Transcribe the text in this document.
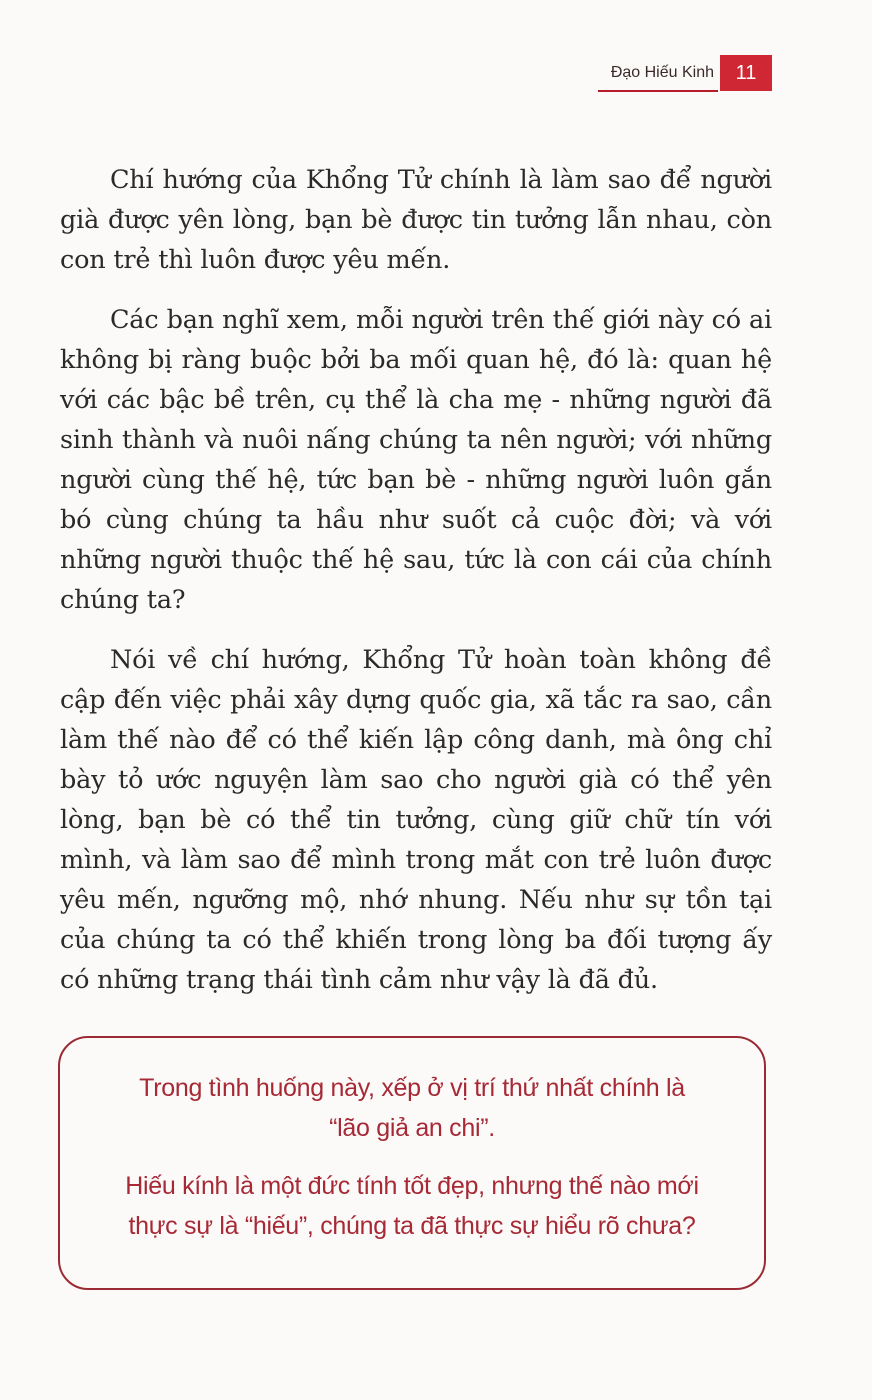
Đạo Hiếu Kinh	11

Chí hướng của Khổng Tử chính là làm sao để người già được yên lòng, bạn bè được tin tưởng lẫn nhau, còn con trẻ thì luôn được yêu mến.

Các bạn nghĩ xem, mỗi người trên thế giới này có ai không bị ràng buộc bởi ba mối quan hệ, đó là: quan hệ với các bậc bề trên, cụ thể là cha mẹ - những người đã sinh thành và nuôi nấng chúng ta nên người; với những người cùng thế hệ, tức bạn bè - những người luôn gắn bó cùng chúng ta hầu như suốt cả cuộc đời; và với những người thuộc thế hệ sau, tức là con cái của chính chúng ta?

Nói về chí hướng, Khổng Tử hoàn toàn không đề cập đến việc phải xây dựng quốc gia, xã tắc ra sao, cần làm thế nào để có thể kiến lập công danh, mà ông chỉ bày tỏ ước nguyện làm sao cho người già có thể yên lòng, bạn bè có thể tin tưởng, cùng giữ chữ tín với mình, và làm sao để mình trong mắt con trẻ luôn được yêu mến, ngưỡng mộ, nhớ nhung. Nếu như sự tồn tại của chúng ta có thể khiến trong lòng ba đối tượng ấy có những trạng thái tình cảm như vậy là đã đủ.

Trong tình huống này, xếp ở vị trí thứ nhất chính là
“lão giả an chi”.

Hiếu kính là một đức tính tốt đẹp, nhưng thế nào mới
thực sự là “hiếu”, chúng ta đã thực sự hiểu rõ chưa?
